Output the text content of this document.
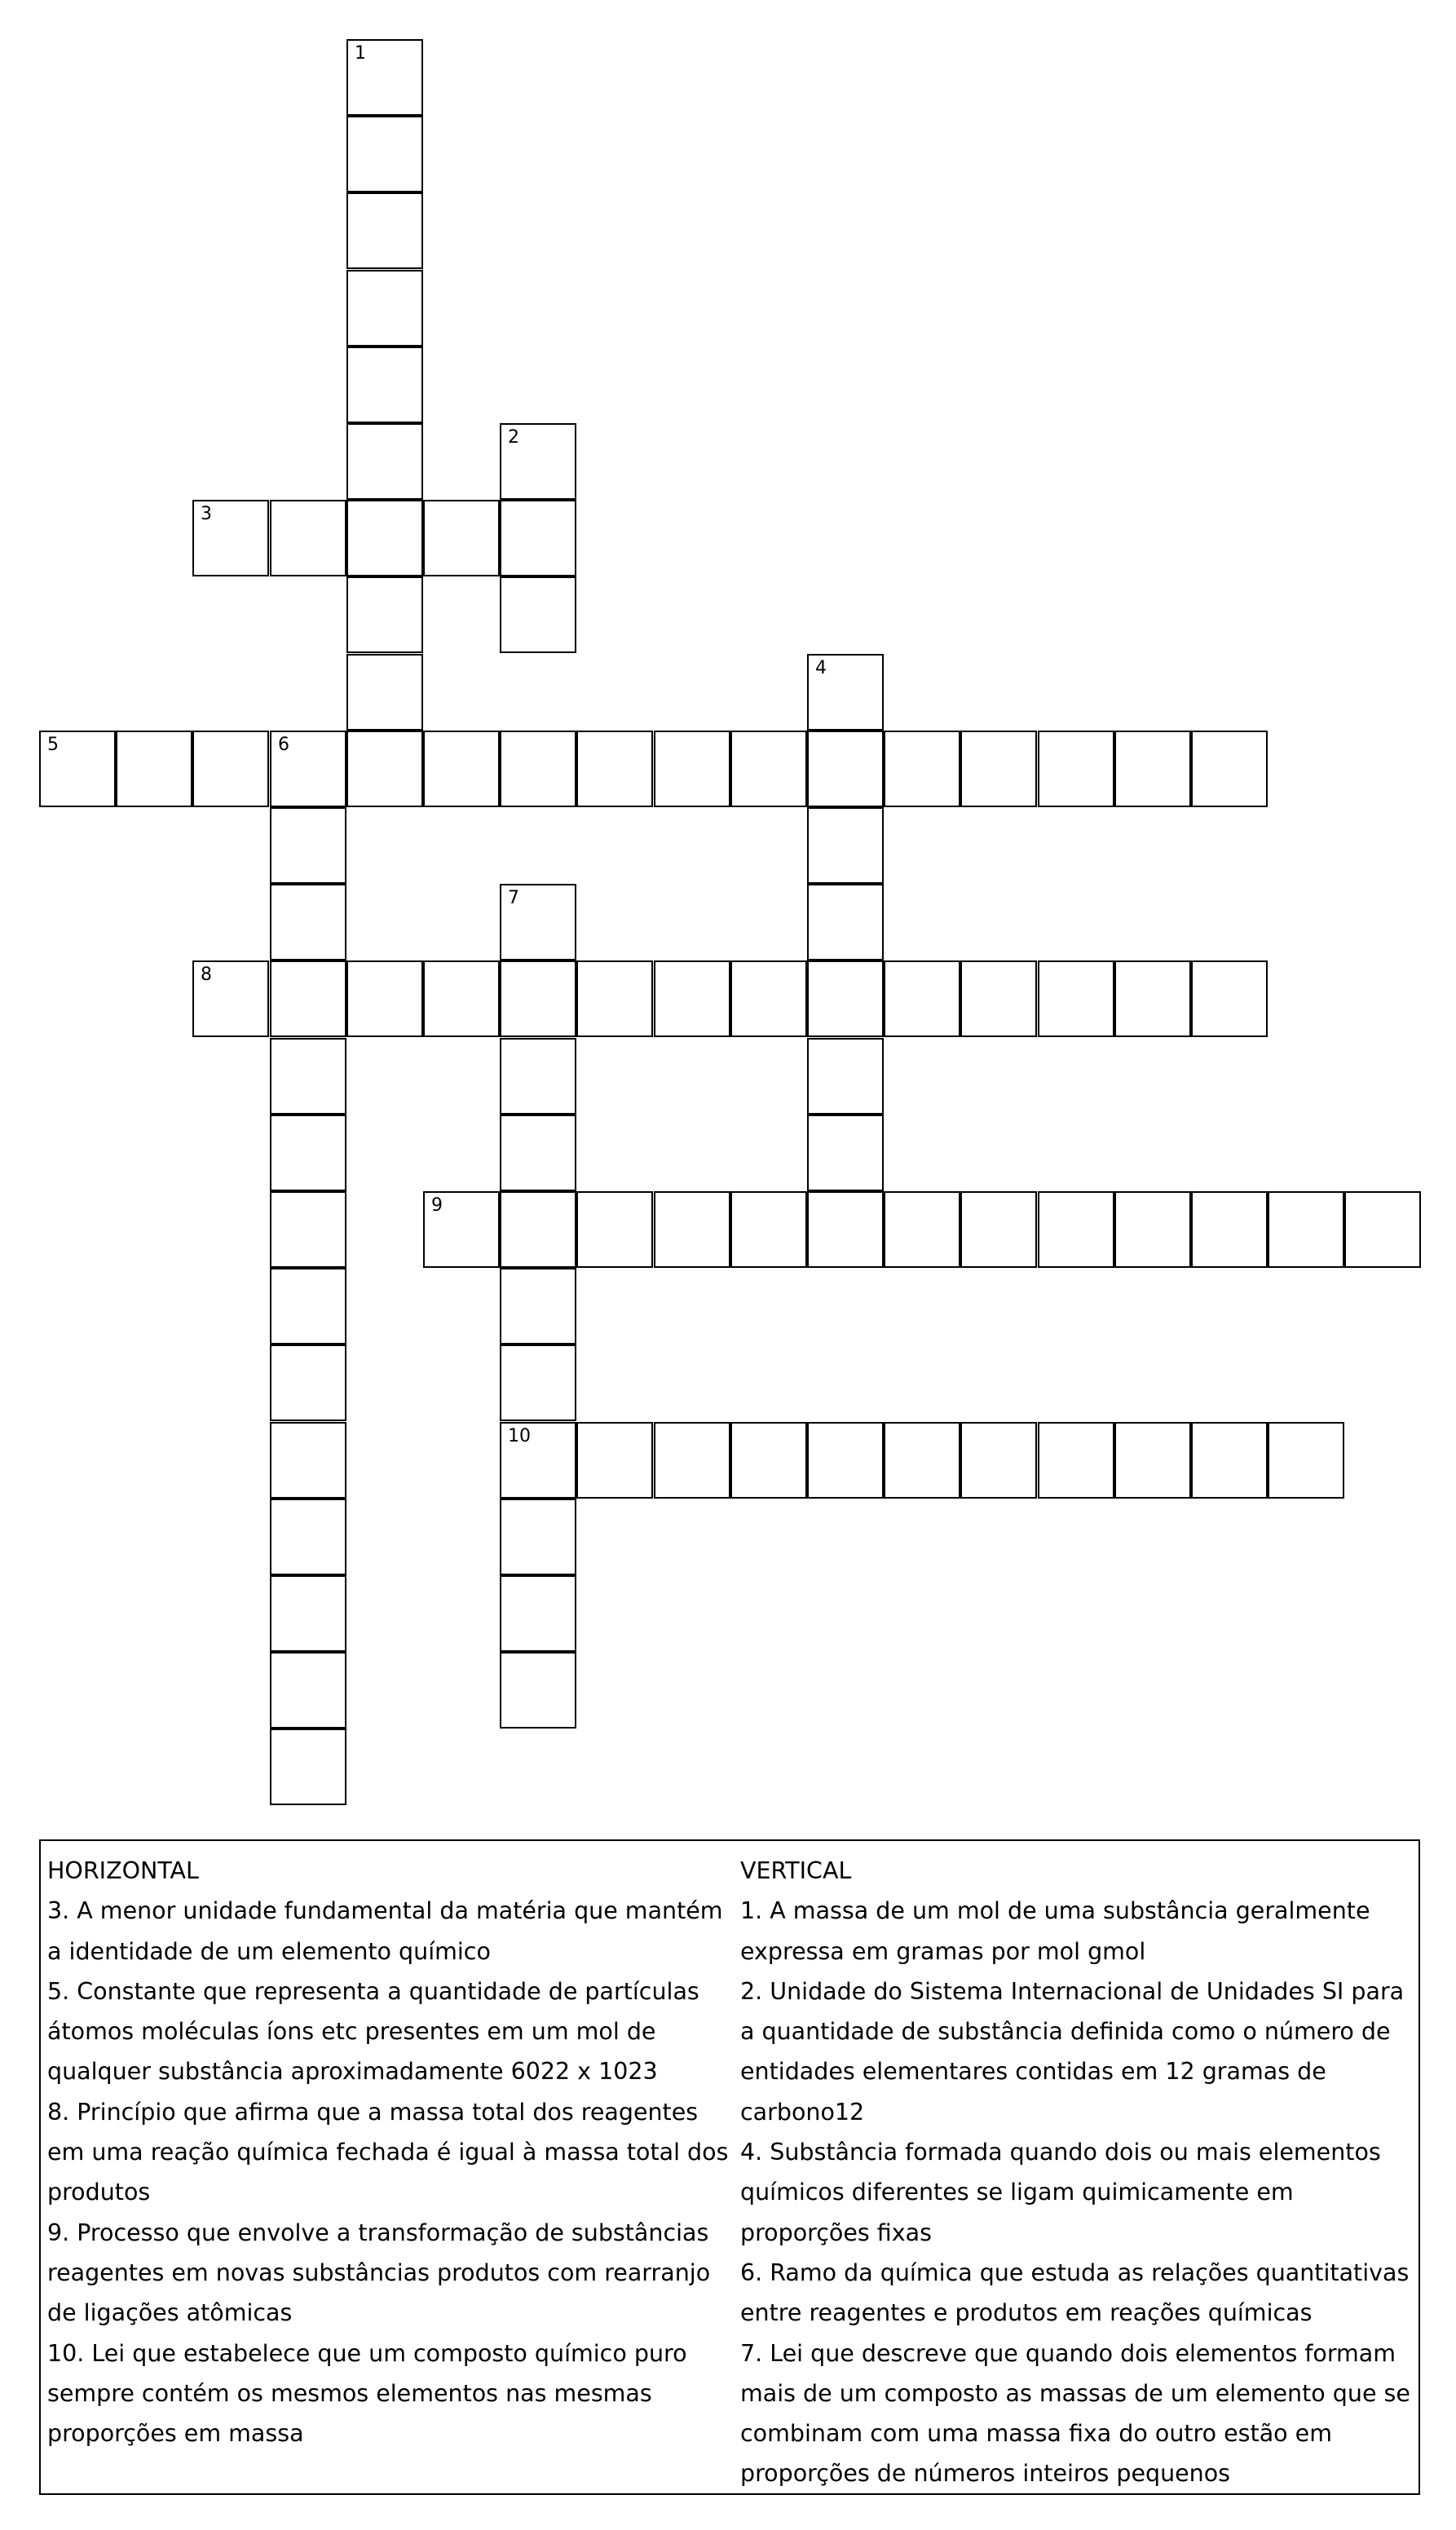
1
2
3
4
5	6
7
8
9
10

HORIZONTAL

3. A menor unidade fundamental da matéria que mantém a identidade de um elemento químico

5. Constante que representa a quantidade de partículas átomos moléculas íons etc presentes em um mol de qualquer substância aproximadamente 6022 x 1023

8. Princípio que afirma que a massa total dos reagentes em uma reação química fechada é igual à massa total dos produtos

9. Processo que envolve a transformação de substâncias reagentes em novas substâncias produtos com rearranjo de ligações atômicas

10. Lei que estabelece que um composto químico puro sempre contém os mesmos elementos nas mesmas proporções em massa

VERTICAL

1. A massa de um mol de uma substância geralmente expressa em gramas por mol gmol

2. Unidade do Sistema Internacional de Unidades SI para a quantidade de substância definida como o número de entidades elementares contidas em 12 gramas de carbono12

4. Substância formada quando dois ou mais elementos químicos diferentes se ligam quimicamente em proporções fixas

6. Ramo da química que estuda as relações quantitativas entre reagentes e produtos em reações químicas

7. Lei que descreve que quando dois elementos formam mais de um composto as massas de um elemento que se combinam com uma massa fixa do outro estão em proporções de números inteiros pequenos
